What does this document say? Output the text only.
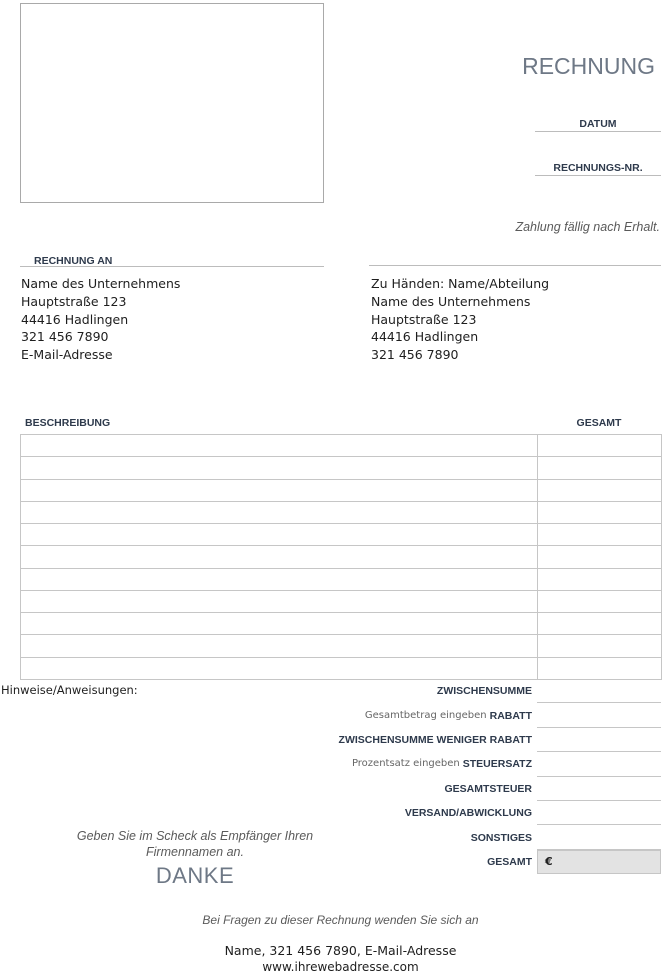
RECHNUNG
DATUM
RECHNUNGS-NR.
Zahlung fällig nach Erhalt.
RECHNUNG AN
Name des Unternehmens
Hauptstraße 123
44416 Hadlingen
321 456 7890
E-Mail-Adresse
Zu Händen: Name/Abteilung
Name des Unternehmens
Hauptstraße 123
44416 Hadlingen
321 456 7890
BESCHREIBUNG	GESAMT
Hinweise/Anweisungen:	ZWISCHENSUMME
Gesamtbetrag eingeben RABATT
ZWISCHENSUMME WENIGER RABATT
Prozentsatz eingeben STEUERSATZ
GESAMTSTEUER
VERSAND/ABWICKLUNG
SONSTIGES
GESAMT	€
Geben Sie im Scheck als Empfänger Ihren Firmennamen an.
DANKE
Bei Fragen zu dieser Rechnung wenden Sie sich an
Name, 321 456 7890, E-Mail-Adresse
www.ihrewebadresse.com
